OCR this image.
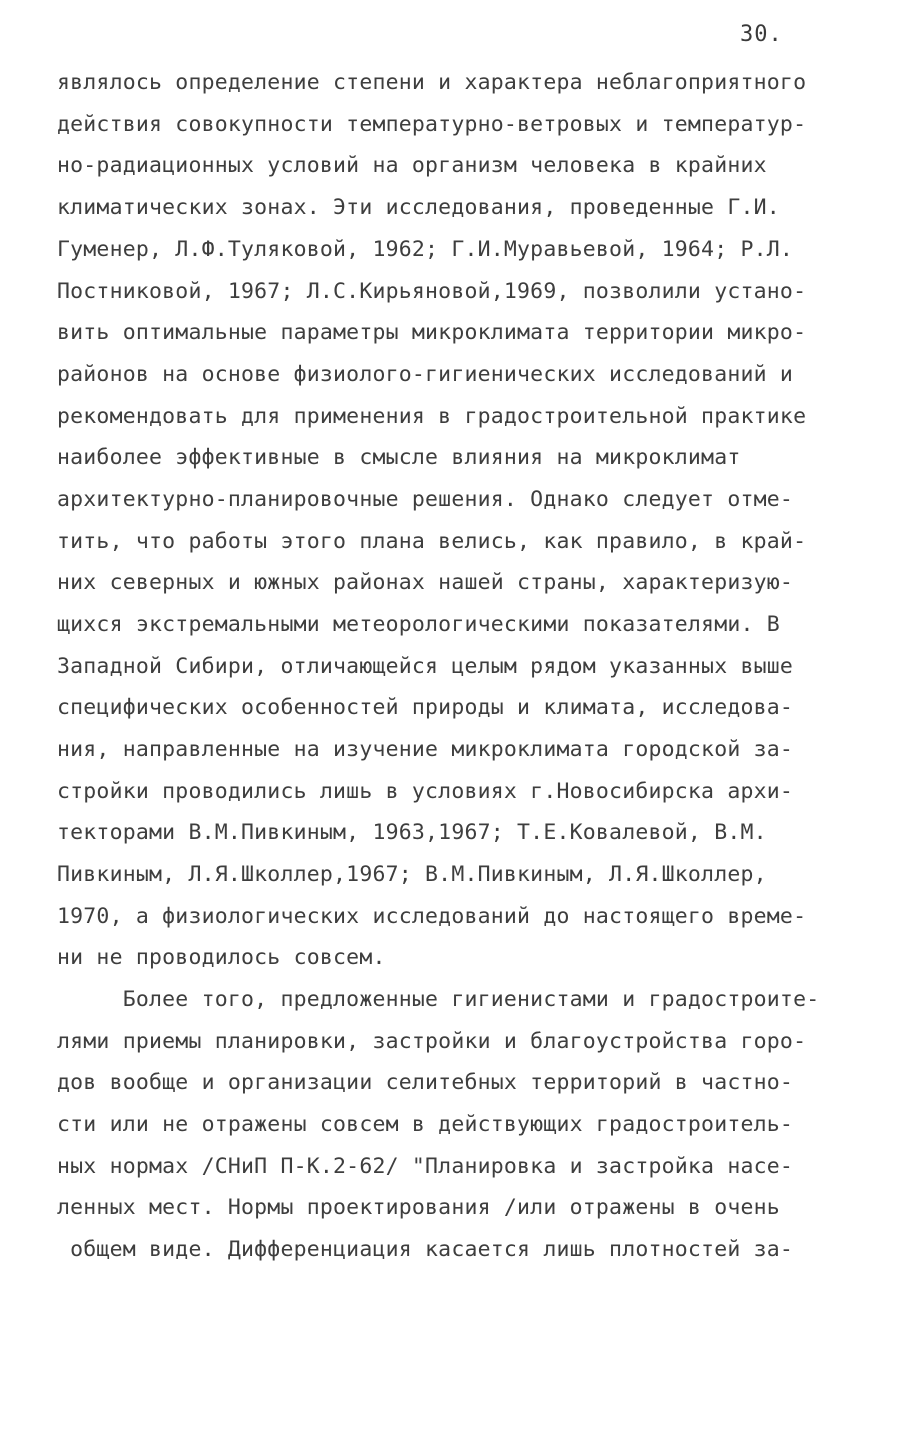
30.
являлось определение степени и характера неблагоприятного
действия совокупности температурно-ветровых и температур-
но-радиационных условий на организм человека в крайних
климатических зонах. Эти исследования, проведенные Г.И.
Гуменер, Л.Ф.Туляковой, 1962; Г.И.Муравьевой, 1964; Р.Л.
Постниковой, 1967; Л.С.Кирьяновой,1969, позволили устано-
вить оптимальные параметры микроклимата территории микро-
районов на основе физиолого-гигиенических исследований и
рекомендовать для применения в градостроительной практике
наиболее эффективные в смысле влияния на микроклимат
архитектурно-планировочные решения. Однако следует отме-
тить, что работы этого плана велись, как правило, в край-
них северных и южных районах нашей страны, характеризую-
щихся экстремальными метеорологическими показателями. В
Западной Сибири, отличающейся целым рядом указанных выше
специфических особенностей природы и климата, исследова-
ния, направленные на изучение микроклимата городской за-
стройки проводились лишь в условиях г.Новосибирска архи-
текторами В.М.Пивкиным, 1963,1967; Т.Е.Ковалевой, В.М.
Пивкиным, Л.Я.Школлер,1967; В.М.Пивкиным, Л.Я.Школлер,
1970, а физиологических исследований до настоящего време-
ни не проводилось совсем.
Более того, предложенные гигиенистами и градостроите-
лями приемы планировки, застройки и благоустройства горо-
дов вообще и организации селитебных территорий в частно-
сти или не отражены совсем в действующих градостроитель-
ных нормах /СНиП П-К.2-62/ "Планировка и застройка насе-
ленных мест. Нормы проектирования /или отражены в очень
общем виде. Дифференциация касается лишь плотностей за-
